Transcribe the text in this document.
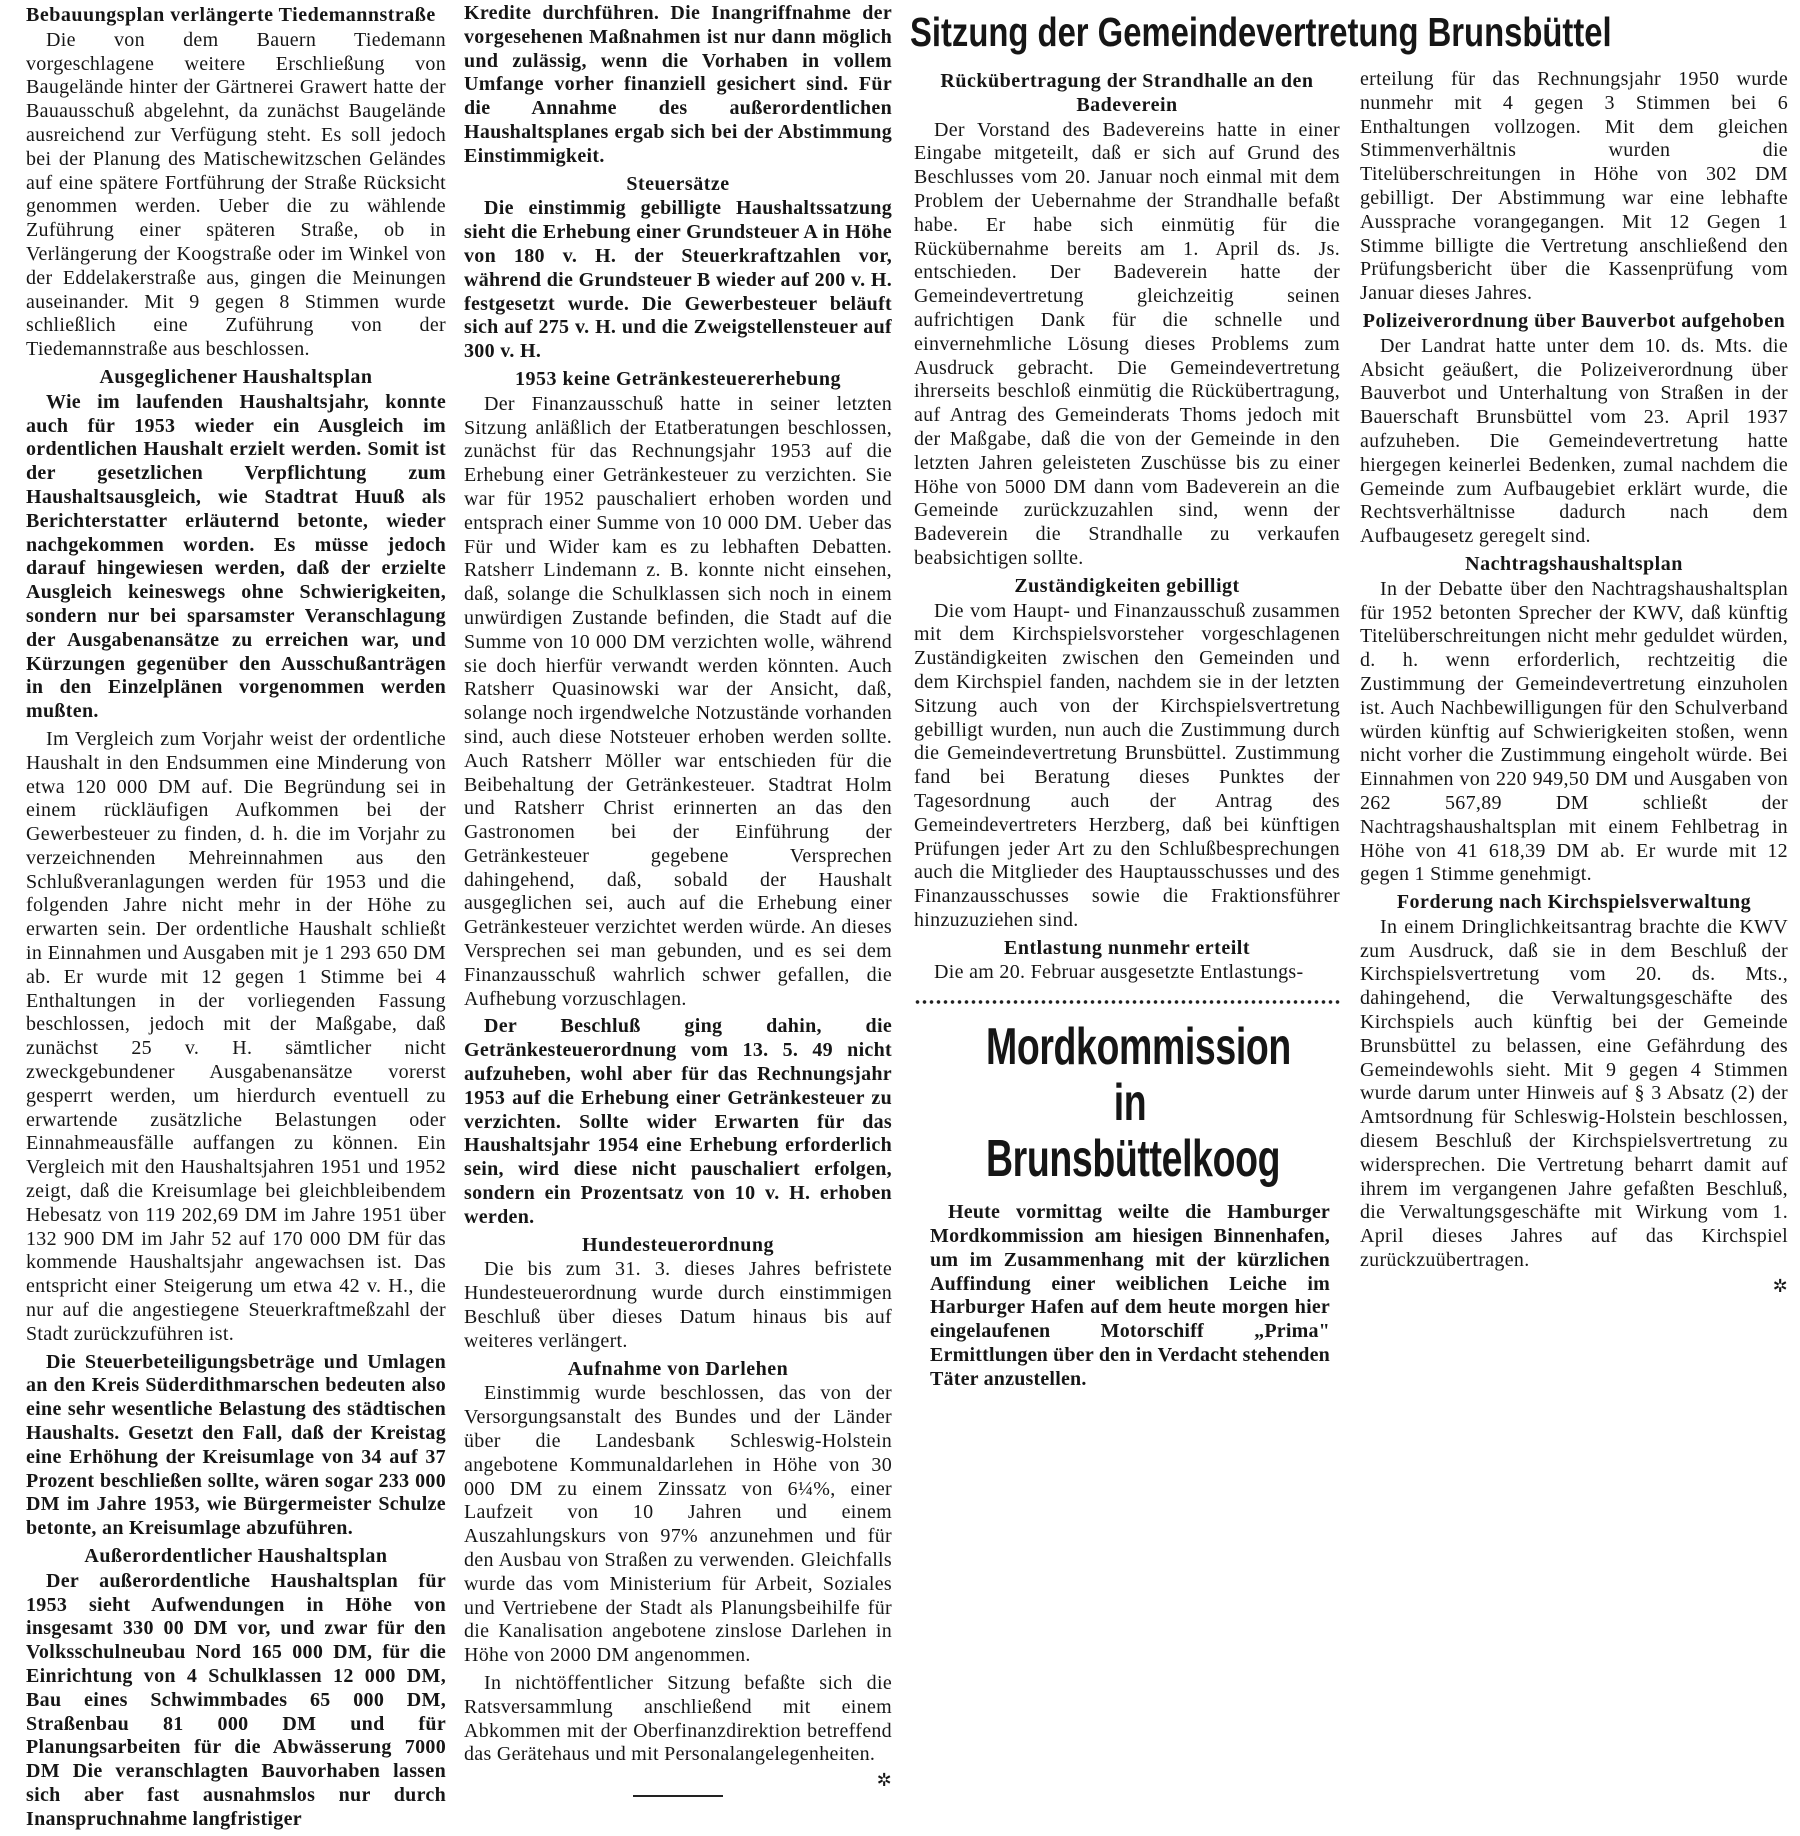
Sitzung der Gemeindevertretung Brunsbüttel
Bebauungsplan verlängerte Tiedemannstraße

Die von dem Bauern Tiedemann vorgeschlagene weitere Erschließung von Baugelände hinter der Gärtnerei Grawert hatte der Bauausschuß abgelehnt, da zunächst Baugelände ausreichend zur Verfügung steht. Es soll jedoch bei der Planung des Matischewitzschen Geländes auf eine spätere Fortführung der Straße Rücksicht genommen werden. Ueber die zu wählende Zuführung einer späteren Straße, ob in Verlängerung der Koogstraße oder im Winkel von der Eddelakerstraße aus, gingen die Meinungen auseinander. Mit 9 gegen 8 Stimmen wurde schließlich eine Zuführung von der Tiedemannstraße aus beschlossen.

Ausgeglichener Haushaltsplan

Wie im laufenden Haushaltsjahr, konnte auch für 1953 wieder ein Ausgleich im ordentlichen Haushalt erzielt werden. Somit ist der gesetzlichen Verpflichtung zum Haushaltsausgleich, wie Stadtrat Huuß als Berichterstatter erläuternd betonte, wieder nachgekommen worden. Es müsse jedoch darauf hingewiesen werden, daß der erzielte Ausgleich keineswegs ohne Schwierigkeiten, sondern nur bei sparsamster Veranschlagung der Ausgabenansätze zu erreichen war, und Kürzungen gegenüber den Ausschußanträgen in den Einzelplänen vorgenommen werden mußten.

Im Vergleich zum Vorjahr weist der ordentliche Haushalt in den Endsummen eine Minderung von etwa 120 000 DM auf. Die Begründung sei in einem rückläufigen Aufkommen bei der Gewerbesteuer zu finden, d. h. die im Vorjahr zu verzeichnenden Mehreinnahmen aus den Schlußveranlagungen werden für 1953 und die folgenden Jahre nicht mehr in der Höhe zu erwarten sein. Der ordentliche Haushalt schließt in Einnahmen und Ausgaben mit je 1 293 650 DM ab. Er wurde mit 12 gegen 1 Stimme bei 4 Enthaltungen in der vorliegenden Fassung beschlossen, jedoch mit der Maßgabe, daß zunächst 25 v. H. sämtlicher nicht zweckgebundener Ausgabenansätze vorerst gesperrt werden, um hierdurch eventuell zu erwartende zusätzliche Belastungen oder Einnahmeausfälle auffangen zu können. Ein Vergleich mit den Haushaltsjahren 1951 und 1952 zeigt, daß die Kreisumlage bei gleichbleibendem Hebesatz von 119 202,69 DM im Jahre 1951 über 132 900 DM im Jahr 52 auf 170 000 DM für das kommende Haushaltsjahr angewachsen ist. Das entspricht einer Steigerung um etwa 42 v. H., die nur auf die angestiegene Steuerkraftmeßzahl der Stadt zurückzuführen ist.

Die Steuerbeteiligungsbeträge und Umlagen an den Kreis Süderdithmarschen bedeuten also eine sehr wesentliche Belastung des städtischen Haushalts. Gesetzt den Fall, daß der Kreistag eine Erhöhung der Kreisumlage von 34 auf 37 Prozent beschließen sollte, wären sogar 233 000 DM im Jahre 1953, wie Bürgermeister Schulze betonte, an Kreisumlage abzuführen.

Außerordentlicher Haushaltsplan

Der außerordentliche Haushaltsplan für 1953 sieht Aufwendungen in Höhe von insgesamt 330 00 DM vor, und zwar für den Volksschulneubau Nord 165 000 DM, für die Einrichtung von 4 Schulklassen 12 000 DM, Bau eines Schwimmbades 65 000 DM, Straßenbau 81 000 DM und für Planungsarbeiten für die Abwässerung 7000 DM Die veranschlagten Bauvorhaben lassen sich aber fast ausnahmslos nur durch Inanspruchnahme langfristiger

Kredite durchführen. Die Inangriffnahme der vorgesehenen Maßnahmen ist nur dann möglich und zulässig, wenn die Vorhaben in vollem Umfange vorher finanziell gesichert sind. Für die Annahme des außerordentlichen Haushaltsplanes ergab sich bei der Abstimmung Einstimmigkeit.

Steuersätze

Die einstimmig gebilligte Haushaltssatzung sieht die Erhebung einer Grundsteuer A in Höhe von 180 v. H. der Steuerkraftzahlen vor, während die Grundsteuer B wieder auf 200 v. H. festgesetzt wurde. Die Gewerbesteuer beläuft sich auf 275 v. H. und die Zweigstellensteuer auf 300 v. H.

1953 keine Getränkesteuererhebung

Der Finanzausschuß hatte in seiner letzten Sitzung anläßlich der Etatberatungen beschlossen, zunächst für das Rechnungsjahr 1953 auf die Erhebung einer Getränkesteuer zu verzichten. Sie war für 1952 pauschaliert erhoben worden und entsprach einer Summe von 10 000 DM. Ueber das Für und Wider kam es zu lebhaften Debatten. Ratsherr Lindemann z. B. konnte nicht einsehen, daß, solange die Schulklassen sich noch in einem unwürdigen Zustande befinden, die Stadt auf die Summe von 10 000 DM verzichten wolle, während sie doch hierfür verwandt werden könnten. Auch Ratsherr Quasinowski war der Ansicht, daß, solange noch irgendwelche Notzustände vorhanden sind, auch diese Notsteuer erhoben werden sollte. Auch Ratsherr Möller war entschieden für die Beibehaltung der Getränkesteuer. Stadtrat Holm und Ratsherr Christ erinnerten an das den Gastronomen bei der Einführung der Getränkesteuer gegebene Versprechen dahingehend, daß, sobald der Haushalt ausgeglichen sei, auch auf die Erhebung einer Getränkesteuer verzichtet werden würde. An dieses Versprechen sei man gebunden, und es sei dem Finanzausschuß wahrlich schwer gefallen, die Aufhebung vorzuschlagen.

Der Beschluß ging dahin, die Getränkesteuerordnung vom 13. 5. 49 nicht aufzuheben, wohl aber für das Rechnungsjahr 1953 auf die Erhebung einer Getränkesteuer zu verzichten. Sollte wider Erwarten für das Haushaltsjahr 1954 eine Erhebung erforderlich sein, wird diese nicht pauschaliert erfolgen, sondern ein Prozentsatz von 10 v. H. erhoben werden.

Hundesteuerordnung

Die bis zum 31. 3. dieses Jahres befristete Hundesteuerordnung wurde durch einstimmigen Beschluß über dieses Datum hinaus bis auf weiteres verlängert.

Aufnahme von Darlehen

Einstimmig wurde beschlossen, das von der Versorgungsanstalt des Bundes und der Länder über die Landesbank Schleswig-Holstein angebotene Kommunaldarlehen in Höhe von 30 000 DM zu einem Zinssatz von 6¼%, einer Laufzeit von 10 Jahren und einem Auszahlungskurs von 97% anzunehmen und für den Ausbau von Straßen zu verwenden. Gleichfalls wurde das vom Ministerium für Arbeit, Soziales und Vertriebene der Stadt als Planungsbeihilfe für die Kanalisation angebotene zinslose Darlehen in Höhe von 2000 DM angenommen.

In nichtöffentlicher Sitzung befaßte sich die Ratsversammlung anschließend mit einem Abkommen mit der Oberfinanzdirektion betreffend das Gerätehaus und mit Personalangelegenheiten.

✲
Rückübertragung der Strandhalle an den Badeverein

Der Vorstand des Badevereins hatte in einer Eingabe mitgeteilt, daß er sich auf Grund des Beschlusses vom 20. Januar noch einmal mit dem Problem der Uebernahme der Strandhalle befaßt habe. Er habe sich einmütig für die Rückübernahme bereits am 1. April ds. Js. entschieden. Der Badeverein hatte der Gemeindevertretung gleichzeitig seinen aufrichtigen Dank für die schnelle und einvernehmliche Lösung dieses Problems zum Ausdruck gebracht. Die Gemeindevertretung ihrerseits beschloß einmütig die Rückübertragung, auf Antrag des Gemeinderats Thoms jedoch mit der Maßgabe, daß die von der Gemeinde in den letzten Jahren geleisteten Zuschüsse bis zu einer Höhe von 5000 DM dann vom Badeverein an die Gemeinde zurückzuzahlen sind, wenn der Badeverein die Strandhalle zu verkaufen beabsichtigen sollte.

Zuständigkeiten gebilligt

Die vom Haupt- und Finanzausschuß zusammen mit dem Kirchspielsvorsteher vorgeschlagenen Zuständigkeiten zwischen den Gemeinden und dem Kirchspiel fanden, nachdem sie in der letzten Sitzung auch von der Kirchspielsvertretung gebilligt wurden, nun auch die Zustimmung durch die Gemeindevertretung Brunsbüttel. Zustimmung fand bei Beratung dieses Punktes der Tagesordnung auch der Antrag des Gemeindevertreters Herzberg, daß bei künftigen Prüfungen jeder Art zu den Schlußbesprechungen auch die Mitglieder des Hauptausschusses und des Finanzausschusses sowie die Fraktionsführer hinzuzuziehen sind.

Entlastung nunmehr erteilt

Die am 20. Februar ausgesetzte Entlastungs-

Mordkommission
in Brunsbüttelkoog
Heute vormittag weilte die Hamburger Mordkommission am hiesigen Binnenhafen, um im Zusammenhang mit der kürzlichen Auffindung einer weiblichen Leiche im Harburger Hafen auf dem heute morgen hier eingelaufenen Motorschiff „Prima" Ermittlungen über den in Verdacht stehenden Täter anzustellen.

erteilung für das Rechnungsjahr 1950 wurde nunmehr mit 4 gegen 3 Stimmen bei 6 Enthaltungen vollzogen. Mit dem gleichen Stimmenverhältnis wurden die Titelüberschreitungen in Höhe von 302 DM gebilligt. Der Abstimmung war eine lebhafte Aussprache vorangegangen. Mit 12 Gegen 1 Stimme billigte die Vertretung anschließend den Prüfungsbericht über die Kassenprüfung vom Januar dieses Jahres.

Polizeiverordnung über Bauverbot aufgehoben

Der Landrat hatte unter dem 10. ds. Mts. die Absicht geäußert, die Polizeiverordnung über Bauverbot und Unterhaltung von Straßen in der Bauerschaft Brunsbüttel vom 23. April 1937 aufzuheben. Die Gemeindevertretung hatte hiergegen keinerlei Bedenken, zumal nachdem die Gemeinde zum Aufbaugebiet erklärt wurde, die Rechtsverhältnisse dadurch nach dem Aufbaugesetz geregelt sind.

Nachtragshaushaltsplan

In der Debatte über den Nachtragshaushaltsplan für 1952 betonten Sprecher der KWV, daß künftig Titelüberschreitungen nicht mehr geduldet würden, d. h. wenn erforderlich, rechtzeitig die Zustimmung der Gemeindevertretung einzuholen ist. Auch Nachbewilligungen für den Schulverband würden künftig auf Schwierigkeiten stoßen, wenn nicht vorher die Zustimmung eingeholt würde. Bei Einnahmen von 220 949,50 DM und Ausgaben von 262 567,89 DM schließt der Nachtragshaushaltsplan mit einem Fehlbetrag in Höhe von 41 618,39 DM ab. Er wurde mit 12 gegen 1 Stimme genehmigt.

Forderung nach Kirchspielsverwaltung

In einem Dringlichkeitsantrag brachte die KWV zum Ausdruck, daß sie in dem Beschluß der Kirchspielsvertretung vom 20. ds. Mts., dahingehend, die Verwaltungsgeschäfte des Kirchspiels auch künftig bei der Gemeinde Brunsbüttel zu belassen, eine Gefährdung des Gemeindewohls sieht. Mit 9 gegen 4 Stimmen wurde darum unter Hinweis auf § 3 Absatz (2) der Amtsordnung für Schleswig-Holstein beschlossen, diesem Beschluß der Kirchspielsvertretung zu widersprechen. Die Vertretung beharrt damit auf ihrem im vergangenen Jahre gefaßten Beschluß, die Verwaltungsgeschäfte mit Wirkung vom 1. April dieses Jahres auf das Kirchspiel zurückzuübertragen.

✲
